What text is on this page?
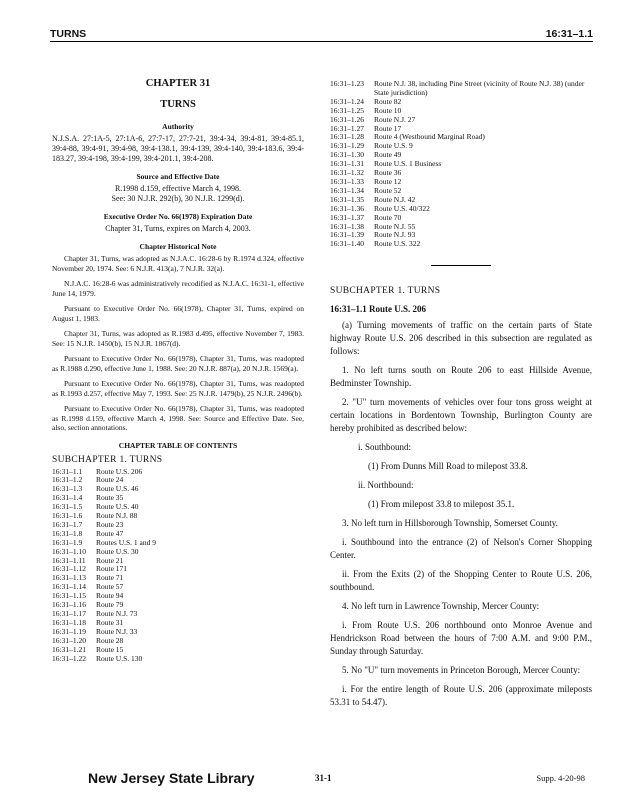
TURNS	16:31–1.1
CHAPTER 31
TURNS
Authority
N.J.S.A. 27:1A-5, 27:1A-6, 27:7-17, 27:7-21, 39:4-34, 39:4-81, 39:4-85.1, 39:4-88, 39:4-91, 39:4-98, 39:4-138.1, 39:4-139, 39:4-140, 39:4-183.6, 39:4-183.27, 39:4-198, 39:4-199, 39:4-201.1, 39:4-208.
Source and Effective Date
R.1998 d.159, effective March 4, 1998.
See: 30 N.J.R. 292(b), 30 N.J.R. 1299(d).
Executive Order No. 66(1978) Expiration Date
Chapter 31, Turns, expires on March 4, 2003.
Chapter Historical Note

Chapter 31, Turns, was adopted as N.J.A.C. 16:28-6 by R.1974 d.324, effective November 20, 1974. See: 6 N.J.R. 413(a), 7 N.J.R. 32(a).

N.J.A.C. 16:28-6 was administratively recodified as N.J.A.C. 16:31-1, effective June 14, 1979.

Pursuant to Executive Order No. 66(1978), Chapter 31, Turns, expired on August 1, 1983.

Chapter 31, Turns, was adopted as R.1983 d.495, effective November 7, 1983. See: 15 N.J.R. 1450(b), 15 N.J.R. 1867(d).

Pursuant to Executive Order No. 66(1978), Chapter 31, Turns, was readopted as R.1988 d.290, effective June 1, 1988. See: 20 N.J.R. 887(a), 20 N.J.R. 1569(a).

Pursuant to Executive Order No. 66(1978), Chapter 31, Turns, was readopted as R.1993 d.257, effective May 7, 1993. See: 25 N.J.R. 1479(b), 25 N.J.R. 2496(b).

Pursuant to Executive Order No. 66(1978), Chapter 31, Turns, was readopted as R.1998 d.159, effective March 4, 1998. See: Source and Effective Date. See, also, section annotations.

CHAPTER TABLE OF CONTENTS
SUBCHAPTER 1. TURNS
16:31–1.1	Route U.S. 206
16:31–1.2	Route 24
16:31–1.3	Route U.S. 46
16:31–1.4	Route 35
16:31–1.5	Route U.S. 40
16:31–1.6	Route N.J. 88
16:31–1.7	Route 23
16:31–1.8	Route 47
16:31–1.9	Routes U.S. 1 and 9
16:31–1.10	Route U.S. 30
16:31–1.11	Route 21
16:31–1.12	Route 171
16:31–1.13	Route 71
16:31–1.14	Route 57
16:31–1.15	Route 94
16:31–1.16	Route 79
16:31–1.17	Route N.J. 73
16:31–1.18	Route 31
16:31–1.19	Route N.J. 33
16:31–1.20	Route 28
16:31–1.21	Route 15
16:31–1.22	Route U.S. 130
16:31–1.23	Route N.J. 38, including Pine Street (vicinity of Route N.J. 38) (under State jurisdiction)
16:31–1.24	Route 82
16:31–1.25	Route 10
16:31–1.26	Route N.J. 27
16:31–1.27	Route 17
16:31–1.28	Route 4 (Westbound Marginal Road)
16:31–1.29	Route U.S. 9
16:31–1.30	Route 49
16:31–1.31	Route U.S. 1 Business
16:31–1.32	Route 36
16:31–1.33	Route 12
16:31–1.34	Route 52
16:31–1.35	Route N.J. 42
16:31–1.36	Route U.S. 40/322
16:31–1.37	Route 70
16:31–1.38	Route N.J. 55
16:31–1.39	Route N.J. 93
16:31–1.40	Route U.S. 322
SUBCHAPTER 1. TURNS
16:31–1.1 Route U.S. 206
(a) Turning movements of traffic on the certain parts of State highway Route U.S. 206 described in this subsection are regulated as follows:
1. No left turns south on Route 206 to east Hillside Avenue, Bedminster Township.
2. "U" turn movements of vehicles over four tons gross weight at certain locations in Bordentown Township, Burlington County are hereby prohibited as described below:
i. Southbound:
(1) From Dunns Mill Road to milepost 33.8.
ii. Northbound:
(1) From milepost 33.8 to milepost 35.1.
3. No left turn in Hillsborough Township, Somerset County.
i. Southbound into the entrance (2) of Nelson's Corner Shopping Center.
ii. From the Exits (2) of the Shopping Center to Route U.S. 206, southbound.
4. No left turn in Lawrence Township, Mercer County:
i. From Route U.S. 206 northbound onto Monroe Avenue and Hendrickson Road between the hours of 7:00 A.M. and 9:00 P.M., Sunday through Saturday.
5. No "U" turn movements in Princeton Borough, Mercer County:
i. For the entire length of Route U.S. 206 (approximate mileposts 53.31 to 54.47).
New Jersey State Library	31-1	Supp. 4-20-98
